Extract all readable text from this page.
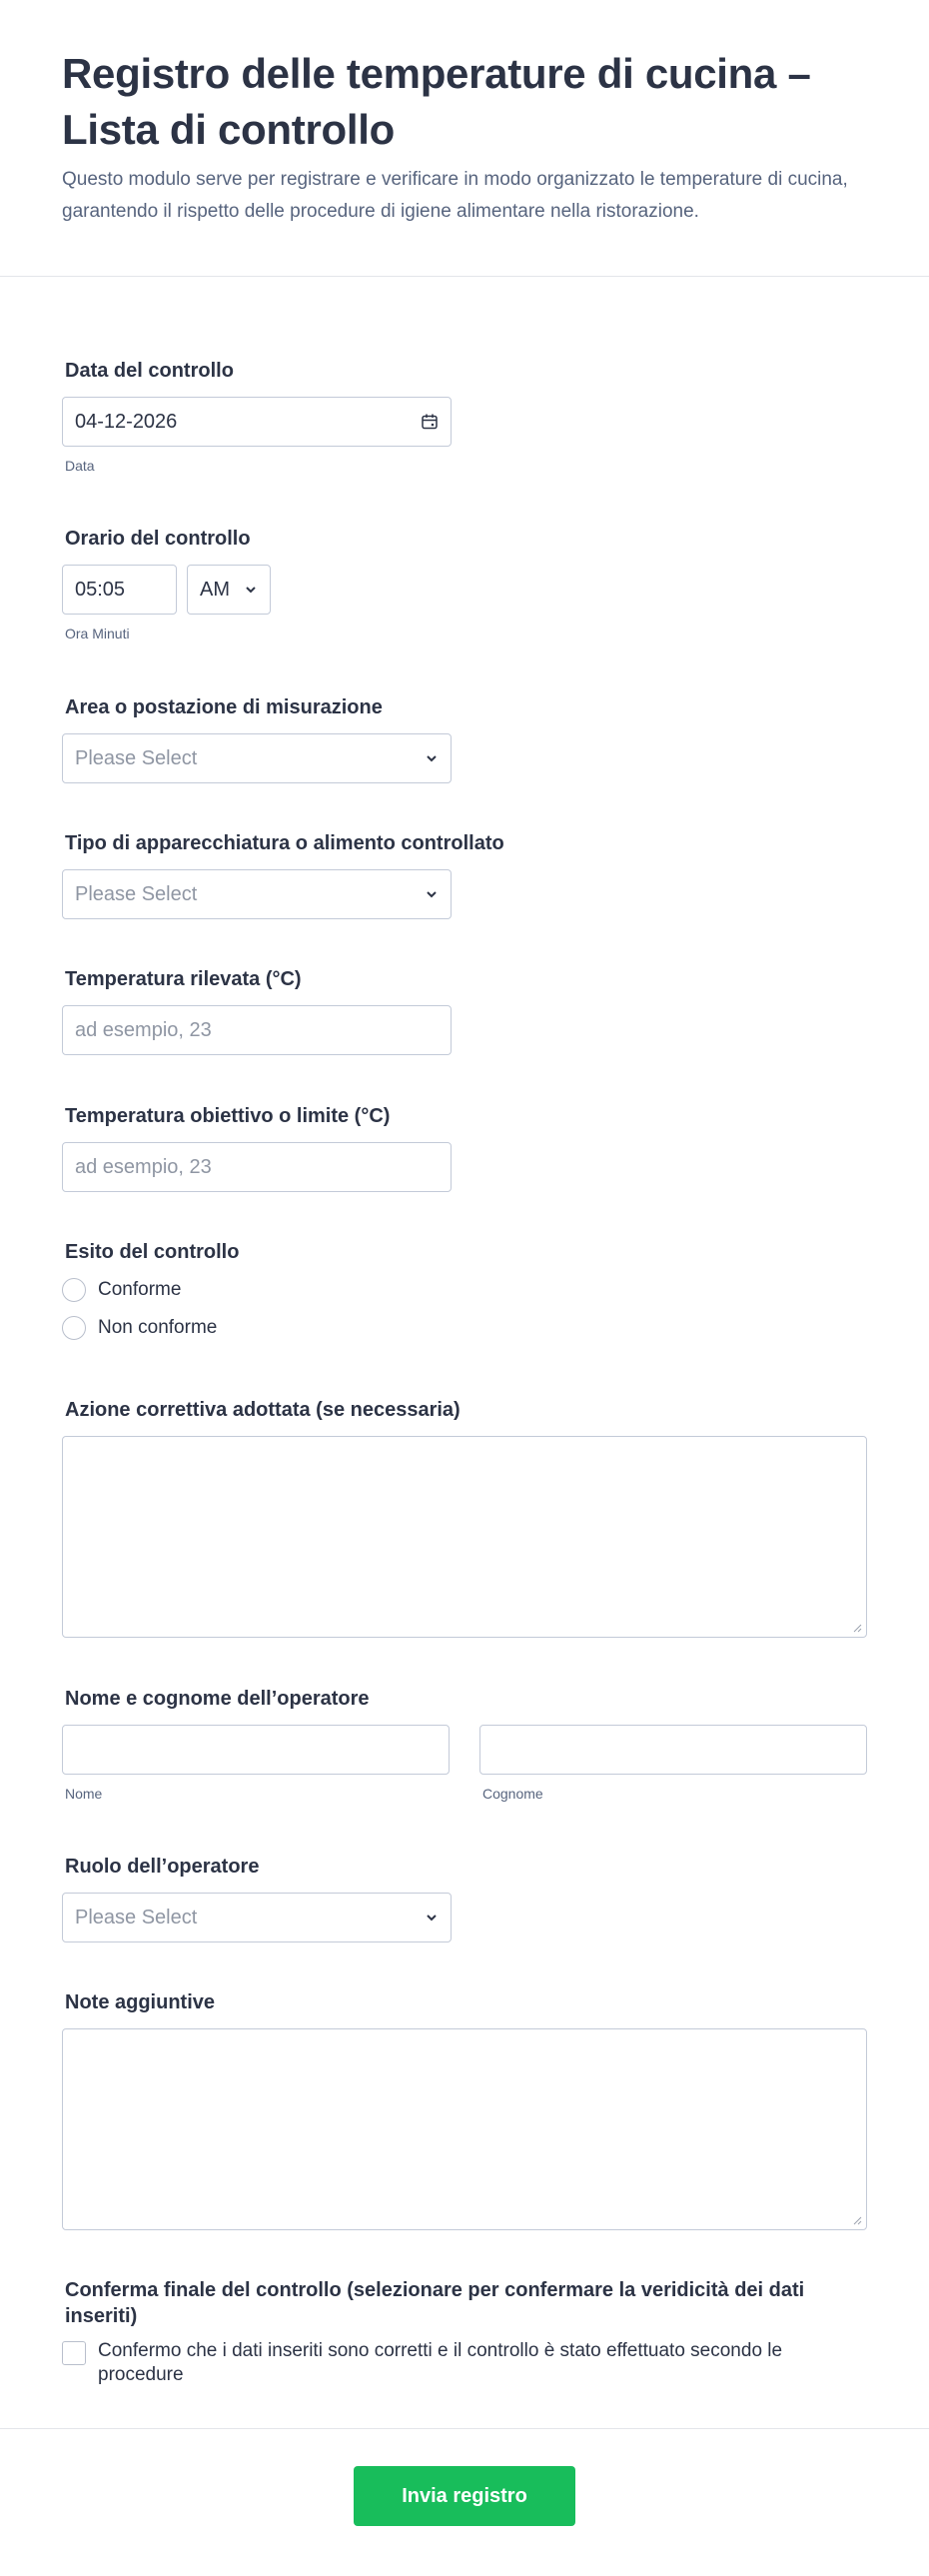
Registro delle temperature di cucina – Lista di controllo

Questo modulo serve per registrare e verificare in modo organizzato le temperature di cucina, garantendo il rispetto delle procedure di igiene alimentare nella ristorazione.

Data del controllo
04-12-2026
Data
Orario del controllo
05:05	AM
Ora Minuti
Area o postazione di misurazione
Please Select
Tipo di apparecchiatura o alimento controllato
Please Select
Temperatura rilevata (°C)
ad esempio, 23
Temperatura obiettivo o limite (°C)
ad esempio, 23
Esito del controllo
Conforme
Non conforme
Azione correttiva adottata (se necessaria)
Nome e cognome dell’operatore
Nome	Cognome
Ruolo dell’operatore
Please Select
Note aggiuntive
Conferma finale del controllo (selezionare per confermare la veridicità dei dati inseriti)
Confermo che i dati inseriti sono corretti e il controllo è stato effettuato secondo le procedure
Invia registro
